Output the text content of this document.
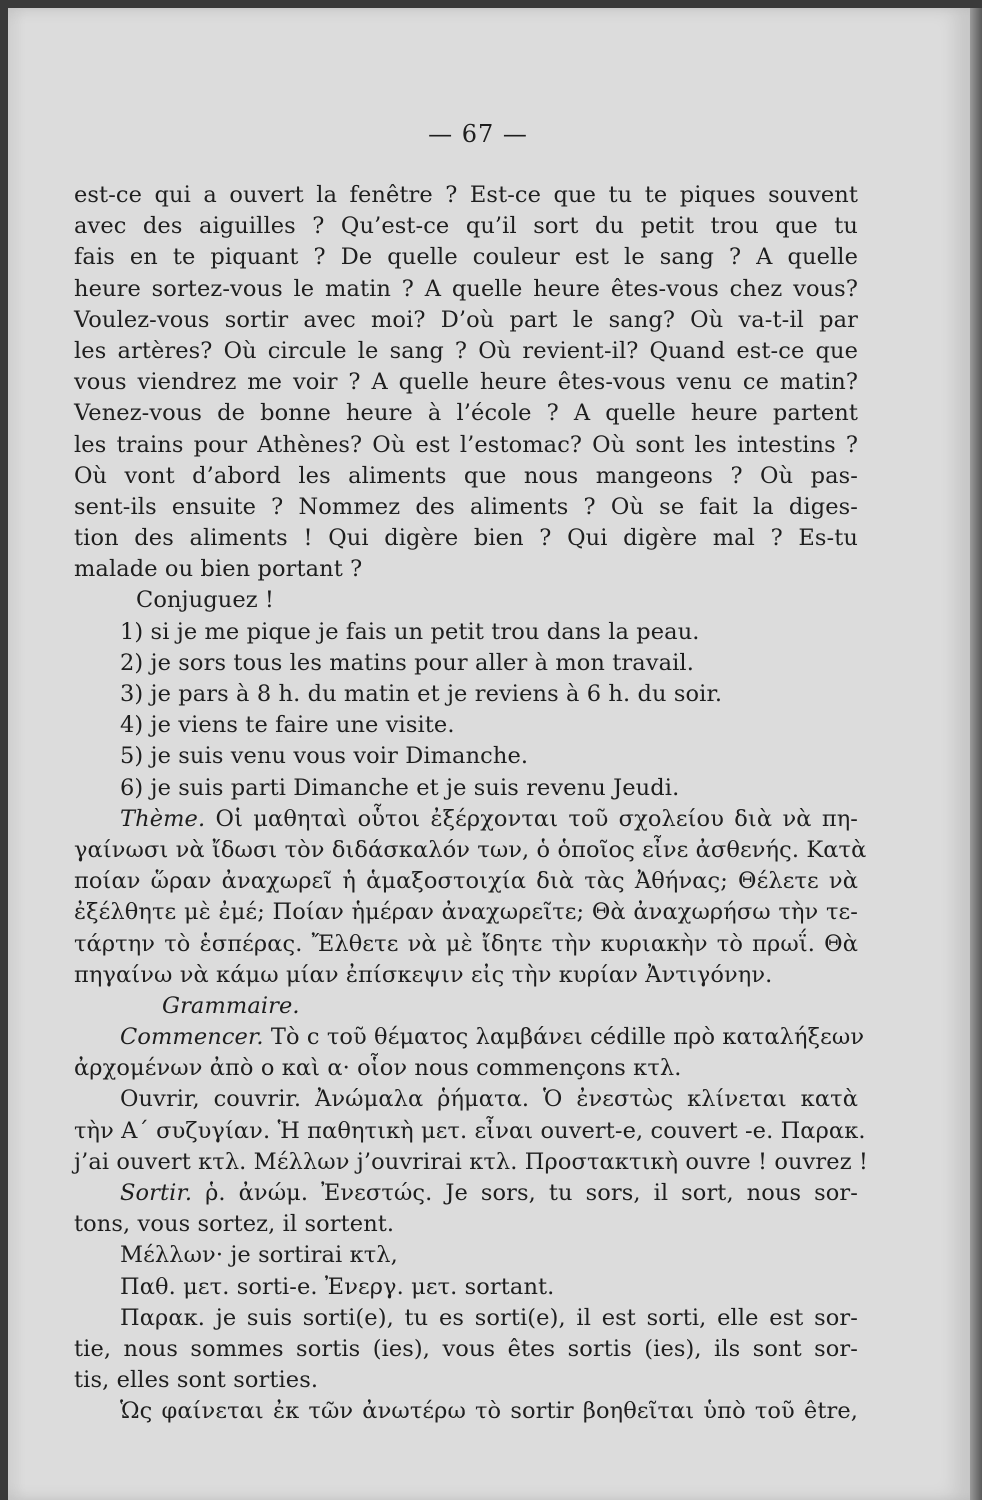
— 67 —
est-ce qui a ouvert la fenêtre ? Est-ce que tu te piques souvent
avec des aiguilles ? Qu’est-ce qu’il sort du petit trou que tu
fais en te piquant ? De quelle couleur est le sang ? A quelle
heure sortez-vous le matin ? A quelle heure êtes-vous chez vous?
Voulez-vous sortir avec moi? D’où part le sang? Où va-t-il par
les artères? Où circule le sang ? Où revient-il? Quand est-ce que
vous viendrez me voir ? A quelle heure êtes-vous venu ce matin?
Venez-vous de bonne heure à l’école ? A quelle heure partent
les trains pour Athènes? Où est l’estomac? Où sont les intestins ?
Où vont d’abord les aliments que nous mangeons ? Où pas-
sent-ils ensuite ? Nommez des aliments ? Où se fait la diges-
tion des aliments ! Qui digère bien ? Qui digère mal ? Es-tu
malade ou bien portant ?
Conjuguez !
1) si je me pique je fais un petit trou dans la peau.
2) je sors tous les matins pour aller à mon travail.
3) je pars à 8 h. du matin et je reviens à 6 h. du soir.
4) je viens te faire une visite.
5) je suis venu vous voir Dimanche.
6) je suis parti Dimanche et je suis revenu Jeudi.
Thème. Οἱ μαθηταὶ οὗτοι ἐξέρχονται τοῦ σχολείου διὰ νὰ πη-
γαίνωσι νὰ ἴδωσι τὸν διδάσκαλόν των, ὁ ὁποῖος εἶνε ἀσθενής. Κατὰ
ποίαν ὥραν ἀναχωρεῖ ἡ ἁμαξοστοιχία διὰ τὰς Ἀθήνας; Θέλετε νὰ
ἐξέλθητε μὲ ἐμέ; Ποίαν ἡμέραν ἀναχωρεῖτε; Θὰ ἀναχωρήσω τὴν τε-
τάρτην τὸ ἑσπέρας. Ἔλθετε νὰ μὲ ἴδητε τὴν κυριακὴν τὸ πρωΐ. Θὰ
πηγαίνω νὰ κάμω μίαν ἐπίσκεψιν εἰς τὴν κυρίαν Ἀντιγόνην.
Grammaire.
Commencer. Τὸ c τοῦ θέματος λαμβάνει cédille πρὸ καταλήξεων
ἀρχομένων ἀπὸ ο καὶ α· οἷον nous commençons κτλ.
Ouvrir, couvrir. Ἀνώμαλα ῥήματα. Ὁ ἐνεστὼς κλίνεται κατὰ
τὴν Α΄ συζυγίαν. Ἡ παθητικὴ μετ. εἶναι ouvert-e, couvert -e. Παρακ.
j’ai ouvert κτλ. Μέλλων j’ouvrirai κτλ. Προστακτικὴ ouvre ! ouvrez !
Sortir. ῥ. ἀνώμ. Ἐνεστώς. Je sors, tu sors, il sort, nous sor-
tons, vous sortez, il sortent.
Μέλλων· je sortirai κτλ,
Παθ. μετ. sorti-e. Ἐνεργ. μετ. sortant.
Παρακ. je suis sorti(e), tu es sorti(e), il est sorti, elle est sor-
tie, nous sommes sortis (ies), vous êtes sortis (ies), ils sont sor-
tis, elles sont sorties.
Ὡς φαίνεται ἐκ τῶν ἀνωτέρω τὸ sortir βοηθεῖται ὑπὸ τοῦ être,
